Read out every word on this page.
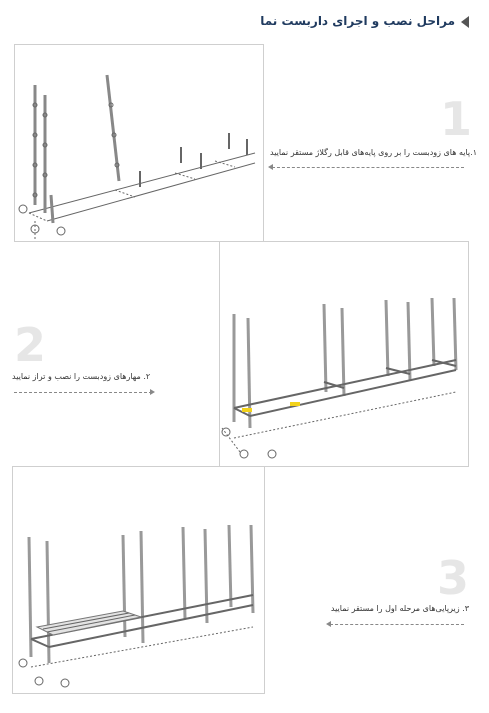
مراحل نصب و اجرای داربست نما
1
2
3
۱.پایه های زودبست را بر روی پایه‌های قابل رگلاژ مستقر نمایید
۲. مهارهای زودبست را نصب و تراز نمایید
۳. زیرپایی‌های مرحله اول را مستقر نمایید
